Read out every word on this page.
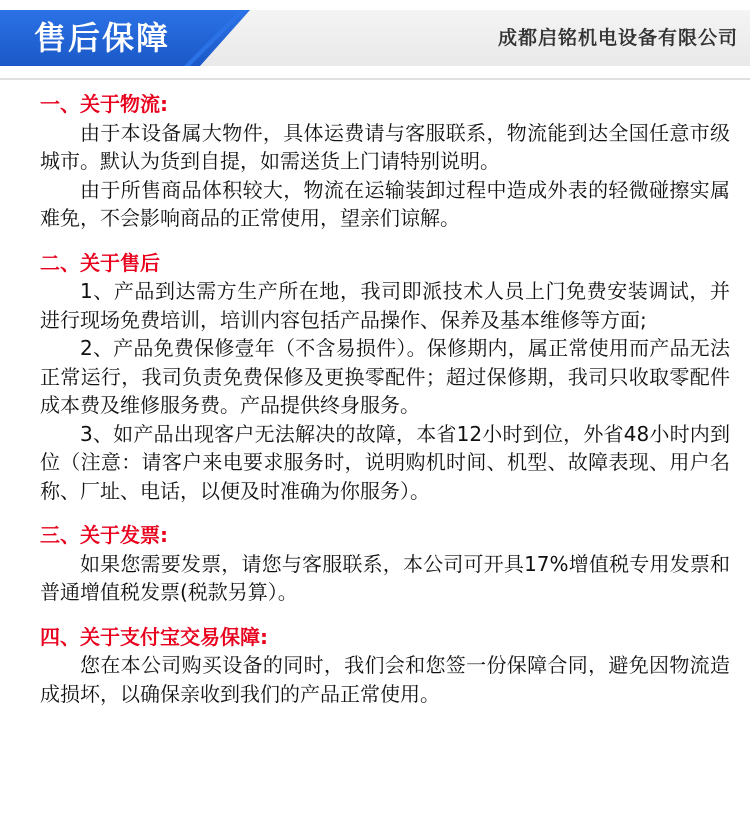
售后保障	成都启铭机电设备有限公司

一、关于物流:

由于本设备属大物件，具体运费请与客服联系，物流能到达全国任意市级城市。默认为货到自提，如需送货上门请特别说明。

由于所售商品体积较大，物流在运输装卸过程中造成外表的轻微碰擦实属难免，不会影响商品的正常使用，望亲们谅解。

二、关于售后

1、产品到达需方生产所在地，我司即派技术人员上门免费安装调试，并进行现场免费培训，培训内容包括产品操作、保养及基本维修等方面;

2、产品免费保修壹年（不含易损件）。保修期内，属正常使用而产品无法正常运行，我司负责免费保修及更换零配件；超过保修期，我司只收取零配件成本费及维修服务费。产品提供终身服务。

3、如产品出现客户无法解决的故障，本省12小时到位，外省48小时内到位（注意：请客户来电要求服务时，说明购机时间、机型、故障表现、用户名称、厂址、电话，以便及时准确为你服务）。

三、关于发票:

如果您需要发票，请您与客服联系，本公司可开具17%增值税专用发票和普通增值税发票(税款另算）。

四、关于支付宝交易保障:

您在本公司购买设备的同时，我们会和您签一份保障合同，避免因物流造成损坏，以确保亲收到我们的产品正常使用。
